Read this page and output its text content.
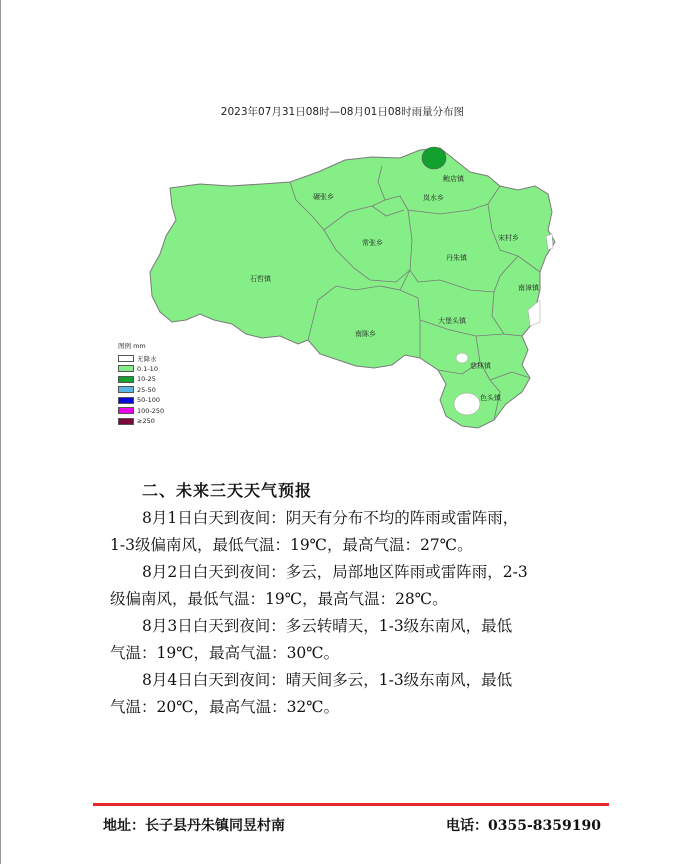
2023年07月31日08时—08月01日08时雨量分布图
鲍店镇
碾张乡	岚水乡
宋村乡
常张乡
丹朱镇
石哲镇
南漳镇
南陈乡
大堡头镇
慈林镇
色头镇
图例 mm
无降水
0.1-10
10-25
25-50
50-100
100-250
≥250
二、未来三天天气预报
8月1日白天到夜间：阴天有分布不均的阵雨或雷阵雨，
1-3级偏南风，最低气温：19℃，最高气温：27℃。
8月2日白天到夜间：多云，局部地区阵雨或雷阵雨，2-3
级偏南风，最低气温：19℃，最高气温：28℃。
8月3日白天到夜间：多云转晴天，1-3级东南风，最低
气温：19℃，最高气温：30℃。
8月4日白天到夜间：晴天间多云，1-3级东南风，最低
气温：20℃，最高气温：32℃。
地址：长子县丹朱镇同昱村南	电话：0355-8359190
